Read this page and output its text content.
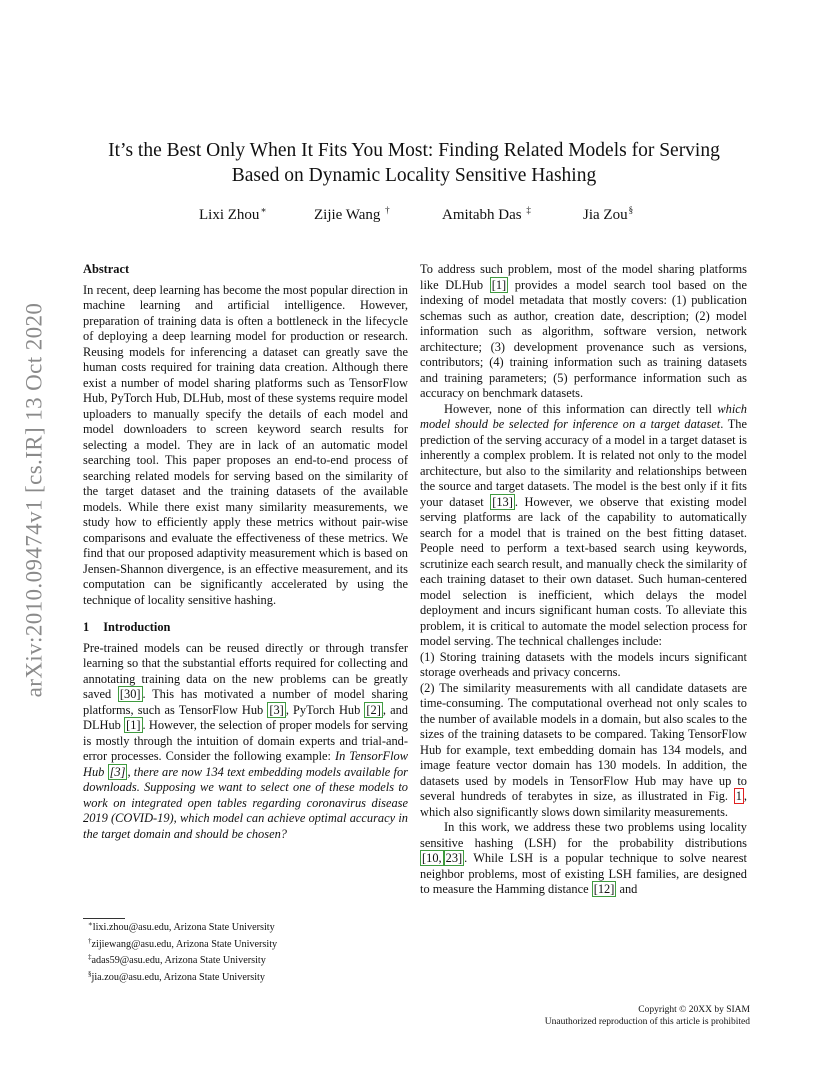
arXiv:2010.09474v1 [cs.IR] 13 Oct 2020
It’s the Best Only When It Fits You Most: Finding Related Models for Serving Based on Dynamic Locality Sensitive Hashing
Lixi Zhou∗	Zijie Wang †	Amitabh Das ‡	Jia Zou§

Abstract

In recent, deep learning has become the most popular direction in machine learning and artificial intelligence. However, preparation of training data is often a bottleneck in the lifecycle of deploying a deep learning model for production or research. Reusing models for inferencing a dataset can greatly save the human costs required for training data creation. Although there exist a number of model sharing platforms such as TensorFlow Hub, PyTorch Hub, DLHub, most of these systems require model uploaders to manually specify the details of each model and model downloaders to screen keyword search results for selecting a model. They are in lack of an automatic model searching tool. This paper proposes an end-to-end process of searching related models for serving based on the similarity of the target dataset and the training datasets of the available models. While there exist many similarity measurements, we study how to efficiently apply these metrics without pair-wise comparisons and evaluate the effectiveness of these metrics. We find that our proposed adaptivity measurement which is based on Jensen-Shannon divergence, is an effective measurement, and its computation can be significantly accelerated by using the technique of locality sensitive hashing.

1 Introduction

Pre-trained models can be reused directly or through transfer learning so that the substantial efforts required for collecting and annotating training data on the new problems can be greatly saved [30] . This has motivated a number of model sharing platforms, such as TensorFlow Hub [3] , PyTorch Hub [2] , and DLHub [1] . However, the selection of proper models for serving is mostly through the intuition of domain experts and trial-and-error processes. Consider the following example: In TensorFlow Hub [3] , there are now 134 text embedding models available for downloads. Supposing we want to select one of these models to work on integrated open tables regarding coronavirus disease 2019 (COVID-19), which model can achieve optimal accuracy in the target domain and should be chosen?

To address such problem, most of the model sharing platforms like DLHub [1] provides a model search tool based on the indexing of model metadata that mostly covers: (1) publication schemas such as author, creation date, description; (2) model information such as algorithm, software version, network architecture; (3) development provenance such as versions, contributors; (4) training information such as training datasets and training parameters; (5) performance information such as accuracy on benchmark datasets.

However, none of this information can directly tell which model should be selected for inference on a target dataset. The prediction of the serving accuracy of a model in a target dataset is inherently a complex problem. It is related not only to the model architecture, but also to the similarity and relationships between the source and target datasets. The model is the best only if it fits your dataset [13] . However, we observe that existing model serving platforms are lack of the capability to automatically search for a model that is trained on the best fitting dataset. People need to perform a text-based search using keywords, scrutinize each search result, and manually check the similarity of each training dataset to their own dataset. Such human-centered model selection is inefficient, which delays the model deployment and incurs significant human costs. To alleviate this problem, it is critical to automate the model selection process for model serving. The technical challenges include:

(1) Storing training datasets with the models incurs significant storage overheads and privacy concerns.

(2) The similarity measurements with all candidate datasets are time-consuming. The computational overhead not only scales to the number of available models in a domain, but also scales to the sizes of the training datasets to be compared. Taking TensorFlow Hub for example, text embedding domain has 134 models, and image feature vector domain has 130 models. In addition, the datasets used by models in TensorFlow Hub may have up to several hundreds of terabytes in size, as illustrated in Fig. 1 , which also significantly slows down similarity measurements.

In this work, we address these two problems using locality sensitive hashing (LSH) for the probability distributions [10, 23] . While LSH is a popular technique to solve nearest neighbor problems, most of existing LSH families, are designed to measure the Hamming distance [12] and

∗lixi.zhou@asu.edu, Arizona State University
†zijiewang@asu.edu, Arizona State University
‡adas59@asu.edu, Arizona State University
§jia.zou@asu.edu, Arizona State University
Copyright © 20XX by SIAM
Unauthorized reproduction of this article is prohibited
